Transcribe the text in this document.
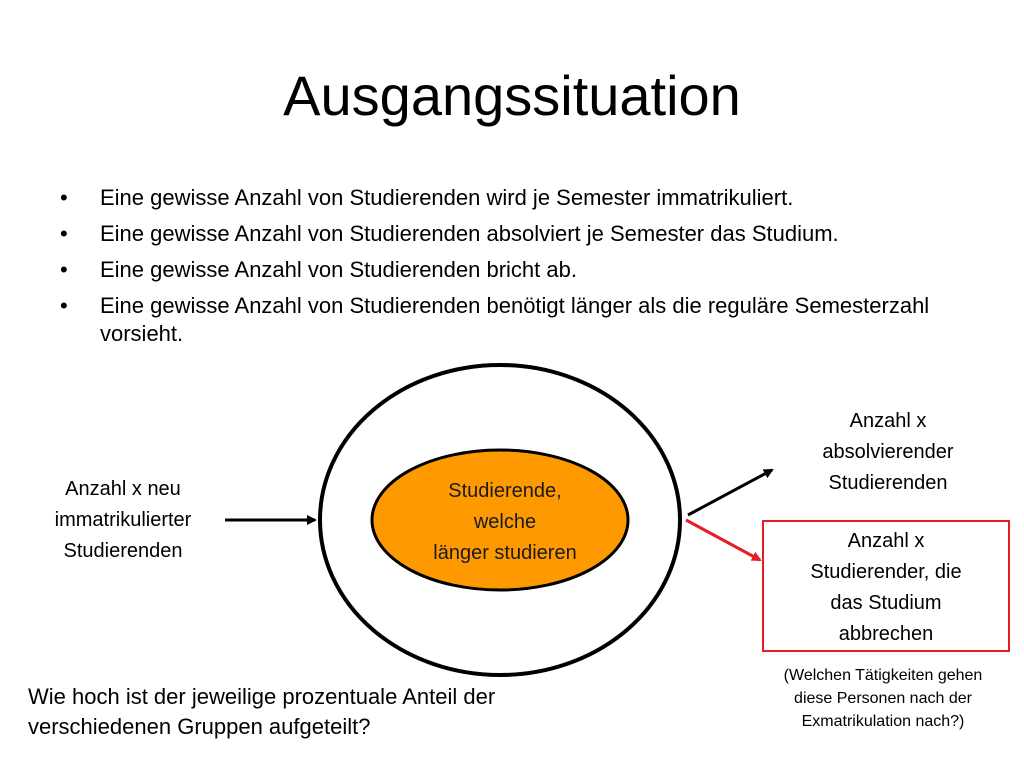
Ausgangssituation
• Eine gewisse Anzahl von Studierenden wird je Semester immatrikuliert.
• Eine gewisse Anzahl von Studierenden absolviert je Semester das Studium.
• Eine gewisse Anzahl von Studierenden bricht ab.
• Eine gewisse Anzahl von Studierenden benötigt länger als die reguläre Semesterzahl vorsieht.
Studierende,
welche
länger studieren
Anzahl x neu
immatrikulierter
Studierenden
Anzahl x
absolvierender
Studierenden
Anzahl x
Studierender, die
das Studium
abbrechen
(Welchen Tätigkeiten gehen
diese Personen nach der
Exmatrikulation nach?)
Wie hoch ist der jeweilige prozentuale Anteil der
verschiedenen Gruppen aufgeteilt?
